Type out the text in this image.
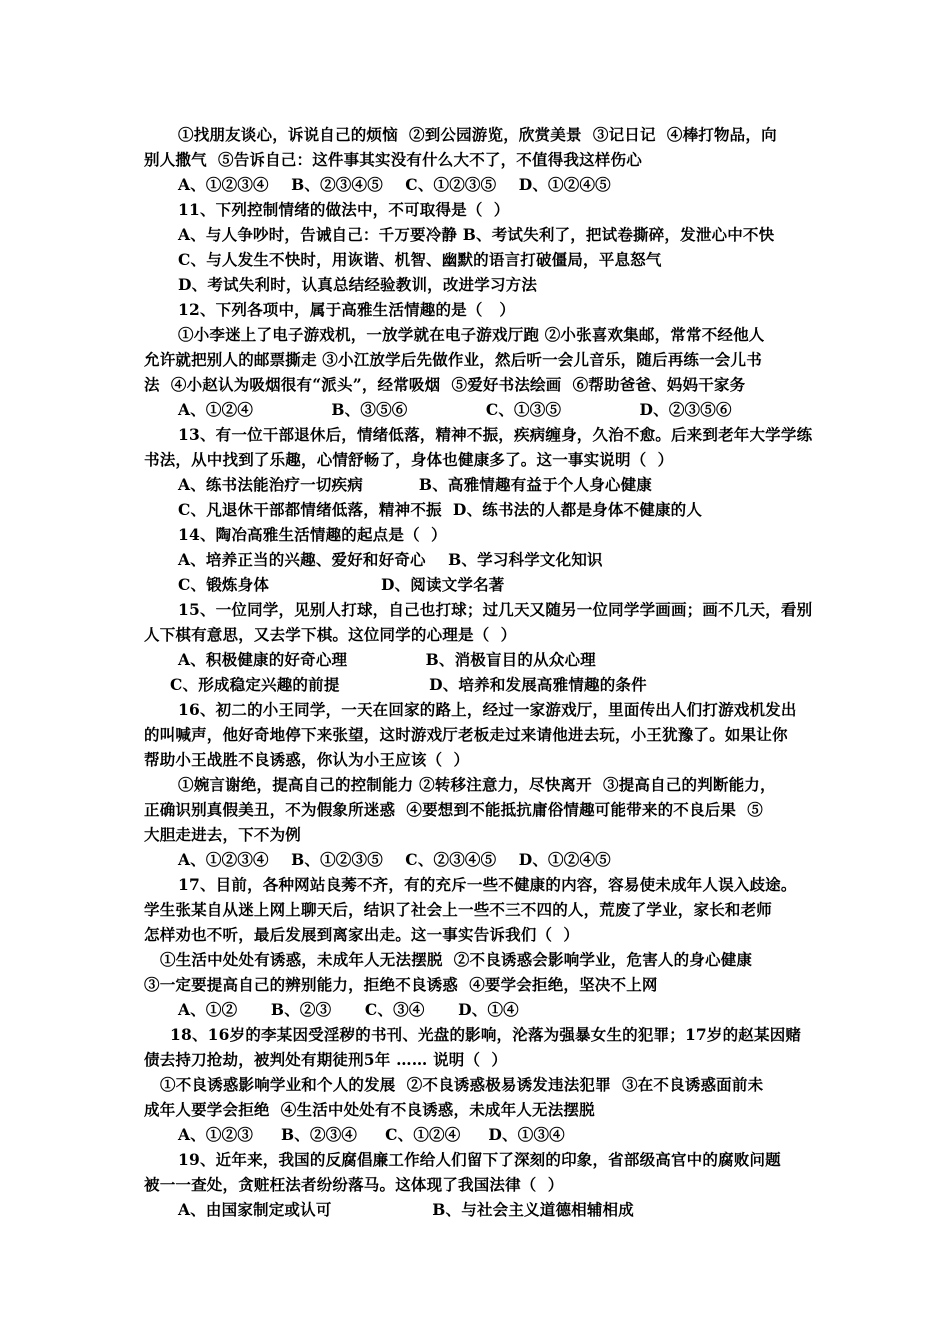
①找朋友谈心，诉说自己的烦恼  ②到公园游览，欣赏美景  ③记日记  ④棒打物品，向
别人撒气  ⑤告诉自己：这件事其实没有什么大不了，不值得我这样伤心
A、①②③④    B、②③④⑤    C、①②③⑤    D、①②④⑤
11、下列控制情绪的做法中，不可取得是（  ）
A、与人争吵时，告诫自己：千万要冷静 B、考试失利了，把试卷撕碎，发泄心中不快
C、与人发生不快时，用诙谐、机智、幽默的语言打破僵局，平息怒气
D、考试失利时，认真总结经验教训，改进学习方法
12、下列各项中，属于高雅生活情趣的是（   ）
①小李迷上了电子游戏机，一放学就在电子游戏厅跑 ②小张喜欢集邮，常常不经他人
允许就把别人的邮票撕走 ③小江放学后先做作业，然后听一会儿音乐，随后再练一会儿书
法  ④小赵认为吸烟很有“派头”，经常吸烟  ⑤爱好书法绘画  ⑥帮助爸爸、妈妈干家务
A、①②④              B、③⑤⑥              C、①③⑤              D、②③⑤⑥
13、有一位干部退休后，情绪低落，精神不振，疾病缠身，久治不愈。后来到老年大学学练
书法，从中找到了乐趣，心情舒畅了，身体也健康多了。这一事实说明（  ）
A、练书法能治疗一切疾病          B、高雅情趣有益于个人身心健康
C、凡退休干部都情绪低落，精神不振  D、练书法的人都是身体不健康的人
14、陶冶高雅生活情趣的起点是（  ）
A、培养正当的兴趣、爱好和好奇心    B、学习科学文化知识
C、锻炼身体                    D、阅读文学名著
15、一位同学，见别人打球，自己也打球；过几天又随另一位同学学画画；画不几天，看别
人下棋有意思，又去学下棋。这位同学的心理是（  ）
A、积极健康的好奇心理              B、消极盲目的从众心理
C、形成稳定兴趣的前提                D、培养和发展高雅情趣的条件
16、初二的小王同学，一天在回家的路上，经过一家游戏厅，里面传出人们打游戏机发出
的叫喊声，他好奇地停下来张望，这时游戏厅老板走过来请他进去玩，小王犹豫了。如果让你
帮助小王战胜不良诱惑，你认为小王应该（  ）
①婉言谢绝，提高自己的控制能力 ②转移注意力，尽快离开  ③提高自己的判断能力，
正确识别真假美丑，不为假象所迷惑  ④要想到不能抵抗庸俗情趣可能带来的不良后果  ⑤
大胆走进去，下不为例
A、①②③④    B、①②③⑤    C、②③④⑤    D、①②④⑤
17、目前，各种网站良莠不齐，有的充斥一些不健康的内容，容易使未成年人误入歧途。
学生张某自从迷上网上聊天后，结识了社会上一些不三不四的人，荒废了学业，家长和老师
怎样劝也不听，最后发展到离家出走。这一事实告诉我们（  ）
①生活中处处有诱惑，未成年人无法摆脱  ②不良诱惑会影响学业，危害人的身心健康
③一定要提高自己的辨别能力，拒绝不良诱惑  ④要学会拒绝，坚决不上网
A、①②      B、②③      C、③④      D、①④
18、16岁的李某因受淫秽的书刊、光盘的影响，沦落为强暴女生的犯罪；17岁的赵某因赌
债去持刀抢劫，被判处有期徒刑5年 …… 说明（  ）
①不良诱惑影响学业和个人的发展  ②不良诱惑极易诱发违法犯罪  ③在不良诱惑面前未
成年人要学会拒绝  ④生活中处处有不良诱惑，未成年人无法摆脱
A、①②③     B、②③④     C、①②④     D、①③④
19、近年来，我国的反腐倡廉工作给人们留下了深刻的印象，省部级高官中的腐败问题
被一一查处，贪赃枉法者纷纷落马。这体现了我国法律（  ）
A、由国家制定或认可                  B、与社会主义道德相辅相成
